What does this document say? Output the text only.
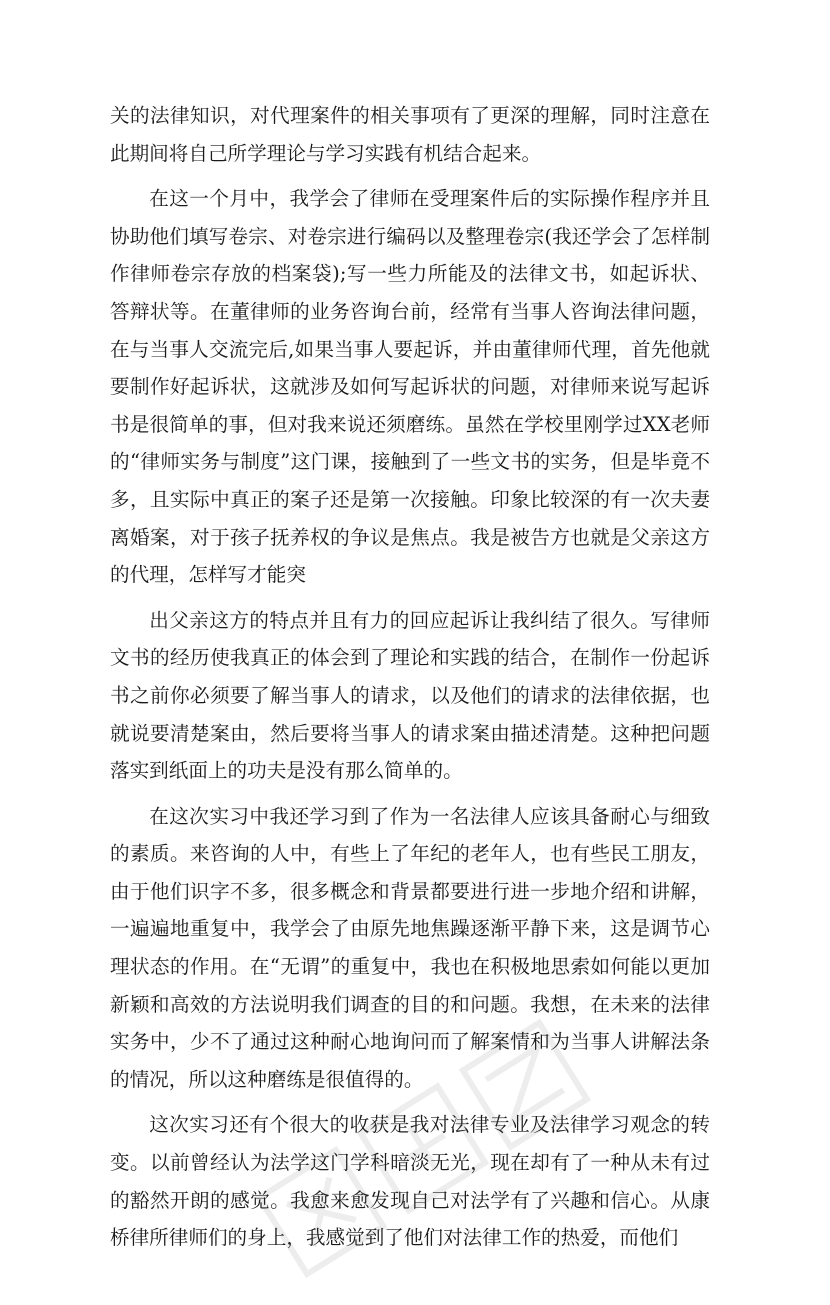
关的法律知识，对代理案件的相关事项有了更深的理解，同时注意在此期间将自己所学理论与学习实践有机结合起来。

在这一个月中，我学会了律师在受理案件后的实际操作程序并且协助他们填写卷宗、对卷宗进行编码以及整理卷宗(我还学会了怎样制作律师卷宗存放的档案袋);写一些力所能及的法律文书，如起诉状、答辩状等。在董律师的业务咨询台前，经常有当事人咨询法律问题，在与当事人交流完后,如果当事人要起诉，并由董律师代理，首先他就要制作好起诉状，这就涉及如何写起诉状的问题，对律师来说写起诉书是很简单的事，但对我来说还须磨练。虽然在学校里刚学过XX老师的“律师实务与制度”这门课，接触到了一些文书的实务，但是毕竟不多，且实际中真正的案子还是第一次接触。印象比较深的有一次夫妻离婚案，对于孩子抚养权的争议是焦点。我是被告方也就是父亲这方的代理，怎样写才能突

出父亲这方的特点并且有力的回应起诉让我纠结了很久。写律师文书的经历使我真正的体会到了理论和实践的结合，在制作一份起诉书之前你必须要了解当事人的请求，以及他们的请求的法律依据，也就说要清楚案由，然后要将当事人的请求案由描述清楚。这种把问题落实到纸面上的功夫是没有那么简单的。

在这次实习中我还学习到了作为一名法律人应该具备耐心与细致的素质。来咨询的人中，有些上了年纪的老年人，也有些民工朋友，由于他们识字不多，很多概念和背景都要进行进一步地介绍和讲解，一遍遍地重复中，我学会了由原先地焦躁逐渐平静下来，这是调节心理状态的作用。在“无谓”的重复中，我也在积极地思索如何能以更加新颖和高效的方法说明我们调查的目的和问题。我想，在未来的法律实务中，少不了通过这种耐心地询问而了解案情和为当事人讲解法条的情况，所以这种磨练是很值得的。

这次实习还有个很大的收获是我对法律专业及法律学习观念的转变。以前曾经认为法学这门学科暗淡无光，现在却有了一种从未有过的豁然开朗的感觉。我愈来愈发现自己对法学有了兴趣和信心。从康桥律所律师们的身上，我感觉到了他们对法律工作的热爱，而他们
